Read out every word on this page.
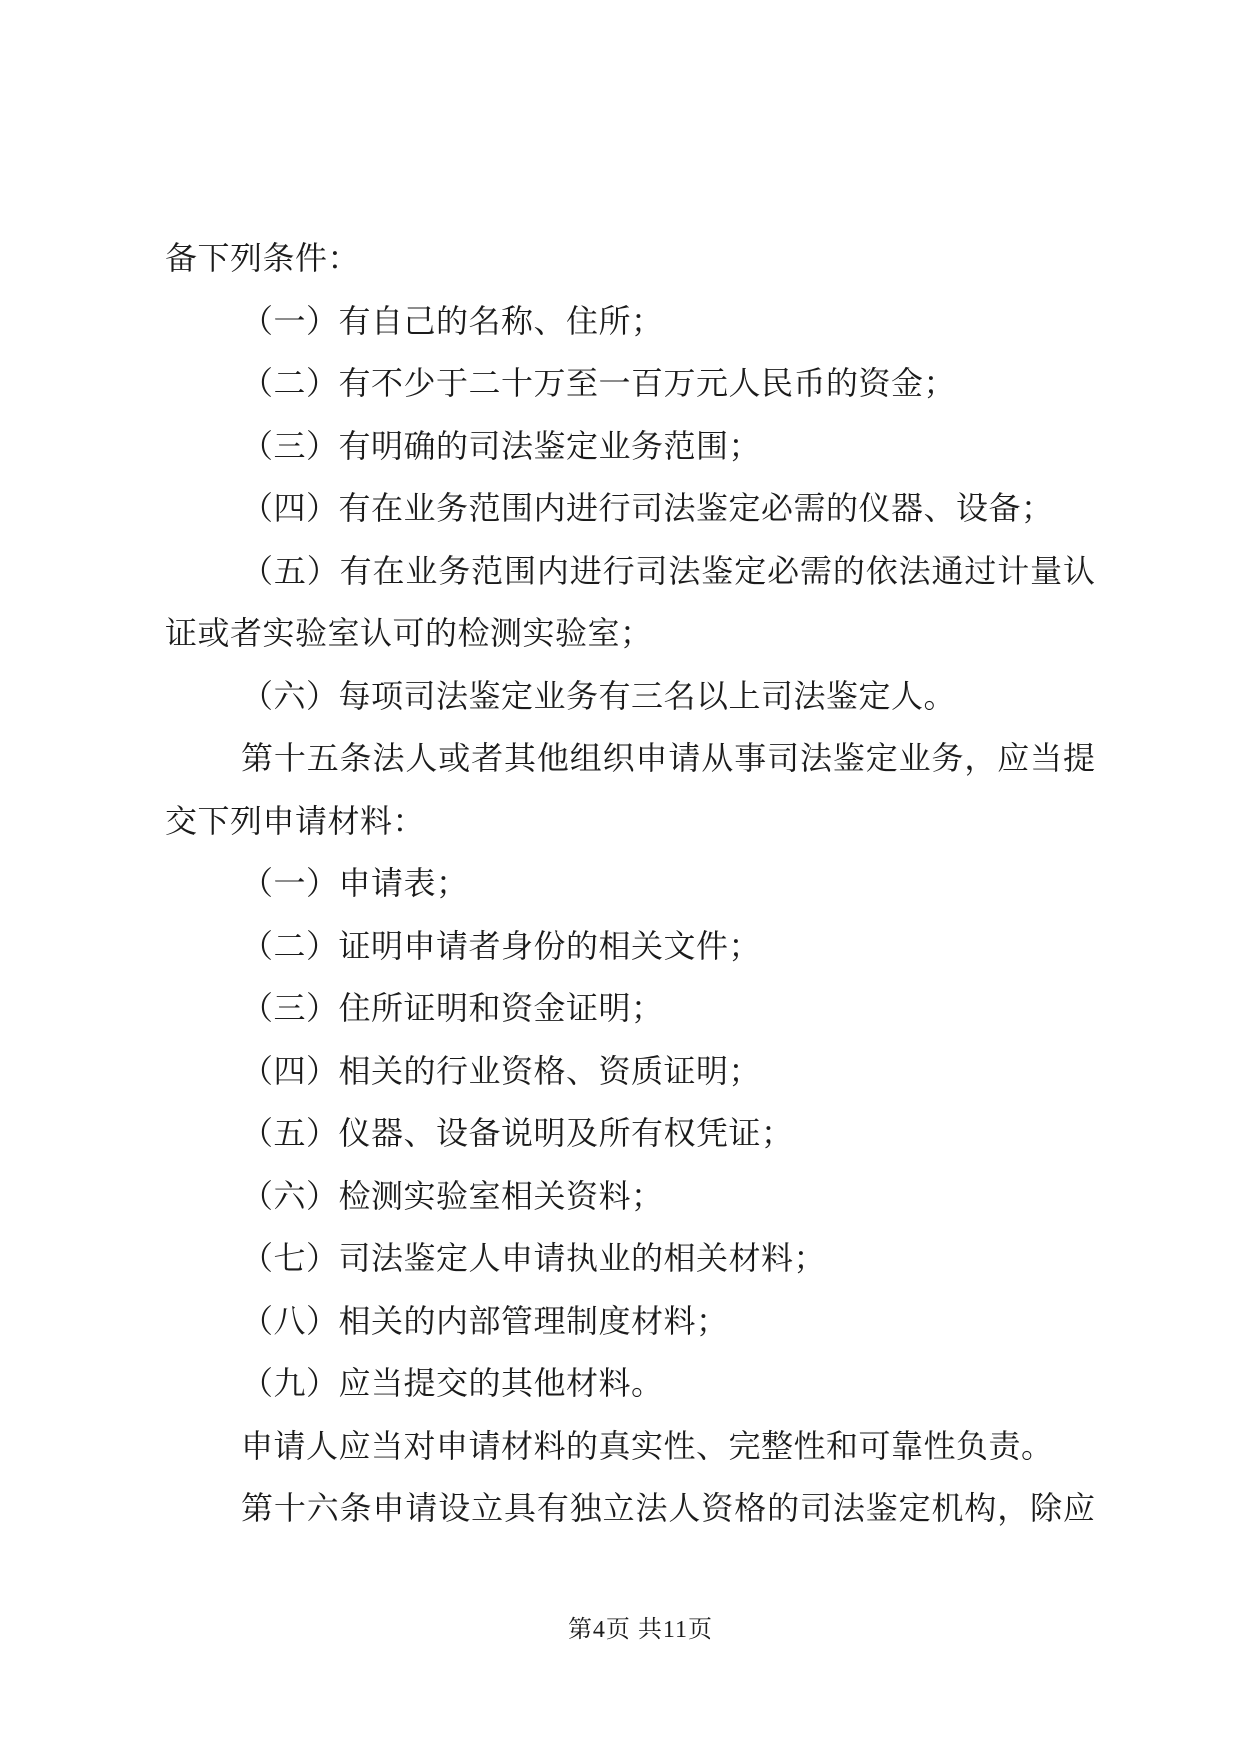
备下列条件：

（一）有自己的名称、住所；

（二）有不少于二十万至一百万元人民币的资金；

（三）有明确的司法鉴定业务范围；

（四）有在业务范围内进行司法鉴定必需的仪器、设备；

（五）有在业务范围内进行司法鉴定必需的依法通过计量认

证或者实验室认可的检测实验室；

（六）每项司法鉴定业务有三名以上司法鉴定人。

第十五条法人或者其他组织申请从事司法鉴定业务，应当提

交下列申请材料：

（一）申请表；

（二）证明申请者身份的相关文件；

（三）住所证明和资金证明；

（四）相关的行业资格、资质证明；

（五）仪器、设备说明及所有权凭证；

（六）检测实验室相关资料；

（七）司法鉴定人申请执业的相关材料；

（八）相关的内部管理制度材料；

（九）应当提交的其他材料。

申请人应当对申请材料的真实性、完整性和可靠性负责。

第十六条申请设立具有独立法人资格的司法鉴定机构，除应

第4页 共11页
